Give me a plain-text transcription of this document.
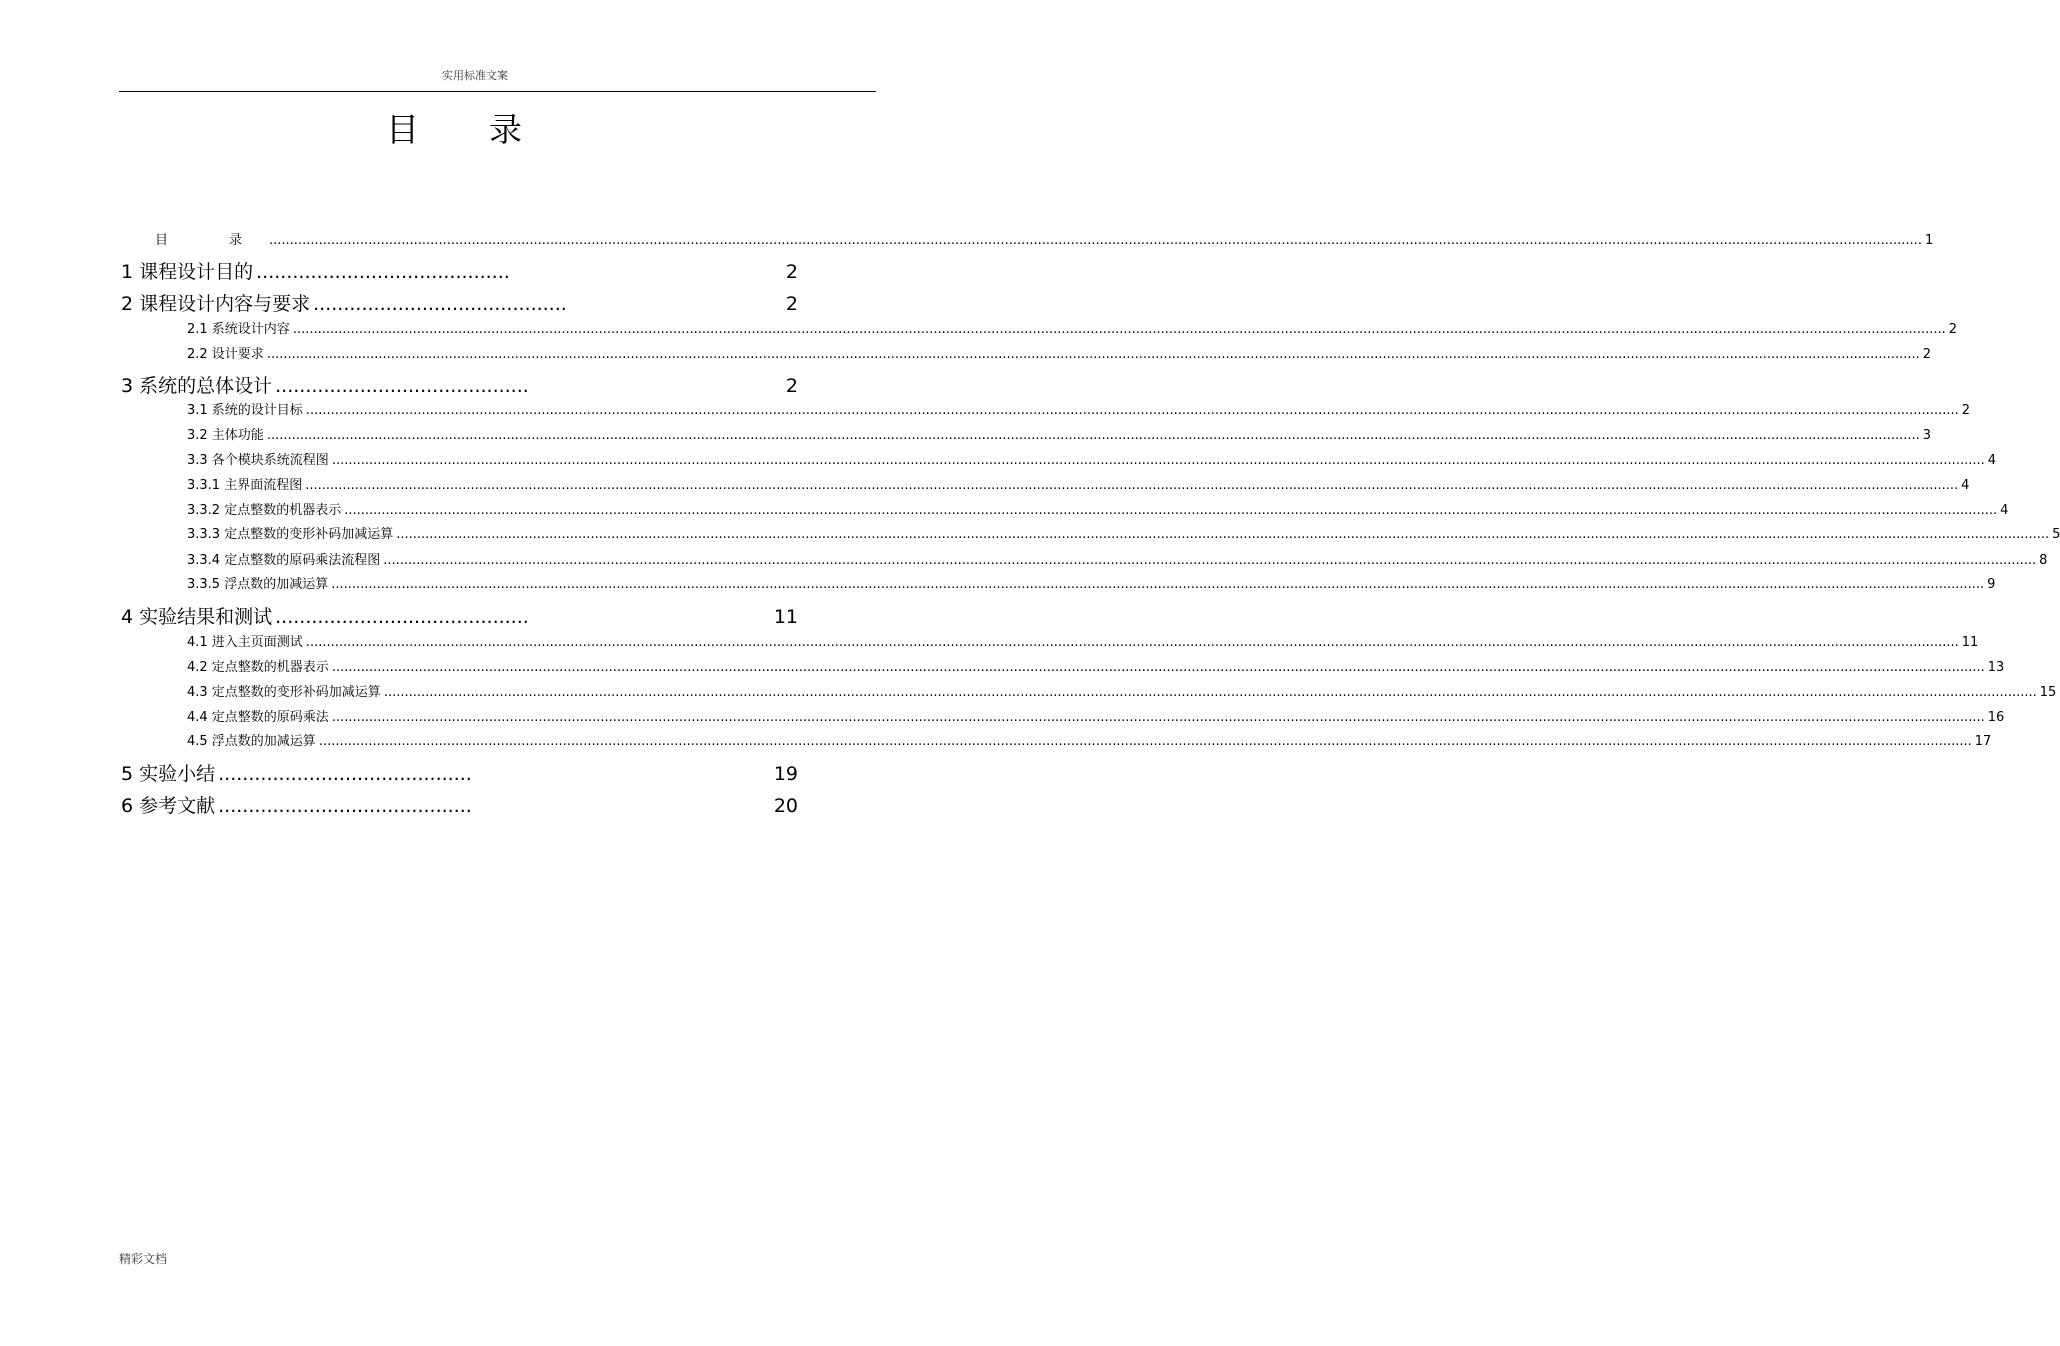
实用标准文案
目录
目　录 ................................................................................................................................................................................................................................................................................................................................................................................................................ 1
1 课程设计目的 ..........................................	2
2 课程设计内容与要求 ..........................................	2
2.1 系统设计内容 ................................................................................................................................................................................................................................................................................................................................................................................................................ 2
2.2 设计要求 ................................................................................................................................................................................................................................................................................................................................................................................................................ 2
3 系统的总体设计 ..........................................	2
3.1 系统的设计目标 ................................................................................................................................................................................................................................................................................................................................................................................................................ 2
3.2 主体功能 ................................................................................................................................................................................................................................................................................................................................................................................................................ 3
3.3 各个模块系统流程图 ................................................................................................................................................................................................................................................................................................................................................................................................................ 4
3.3.1 主界面流程图 ................................................................................................................................................................................................................................................................................................................................................................................................................ 4
3.3.2 定点整数的机器表示 ................................................................................................................................................................................................................................................................................................................................................................................................................ 4
3.3.3 定点整数的变形补码加减运算 ................................................................................................................................................................................................................................................................................................................................................................................................................ 5
3.3.4 定点整数的原码乘法流程图 ................................................................................................................................................................................................................................................................................................................................................................................................................ 8
3.3.5 浮点数的加减运算 ................................................................................................................................................................................................................................................................................................................................................................................................................ 9
4 实验结果和测试 ..........................................	11
4.1 进入主页面测试 ................................................................................................................................................................................................................................................................................................................................................................................................................ 11
4.2 定点整数的机器表示 ................................................................................................................................................................................................................................................................................................................................................................................................................ 13
4.3 定点整数的变形补码加减运算 ................................................................................................................................................................................................................................................................................................................................................................................................................ 15
4.4 定点整数的原码乘法 ................................................................................................................................................................................................................................................................................................................................................................................................................ 16
4.5 浮点数的加减运算 ................................................................................................................................................................................................................................................................................................................................................................................................................ 17
5 实验小结 ..........................................	19
6 参考文献 ..........................................	20
精彩文档
